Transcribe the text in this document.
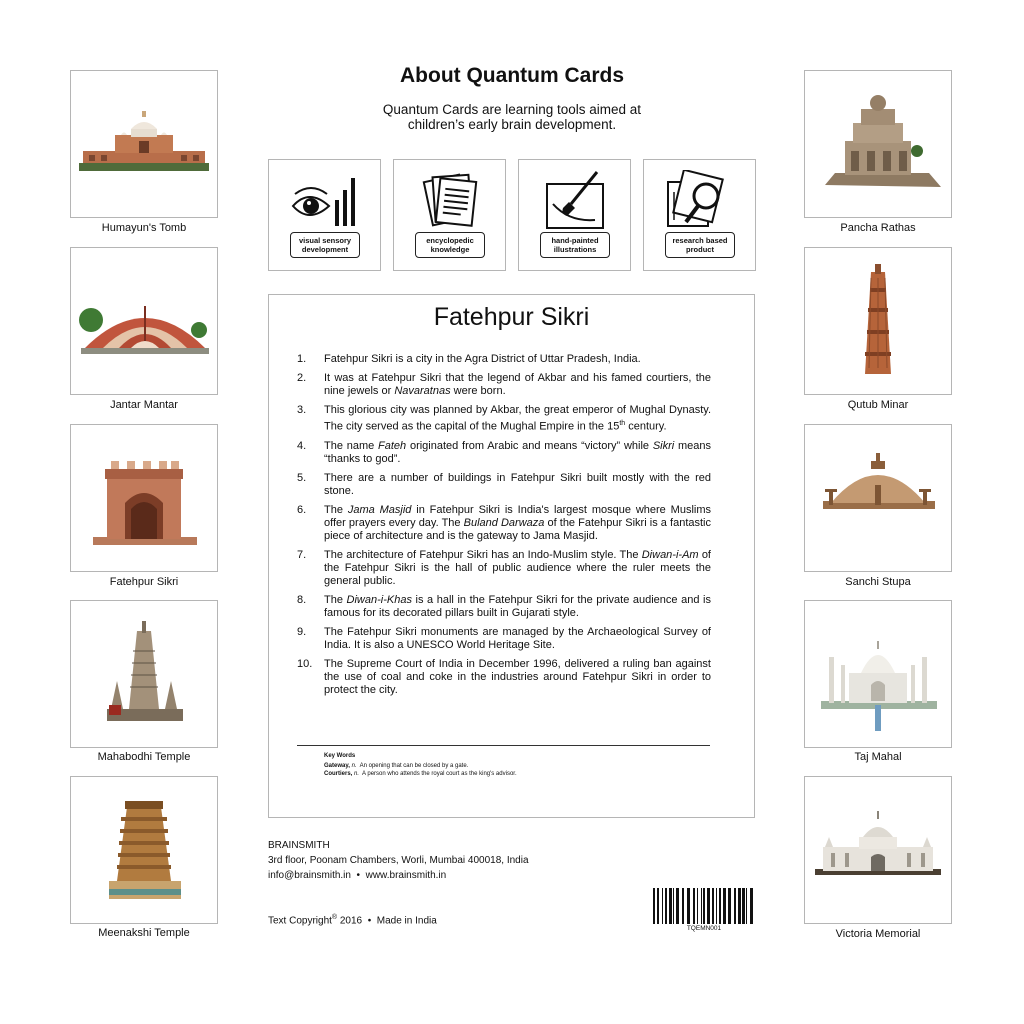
About Quantum Cards
Quantum Cards are learning tools aimed at
children’s early brain development.
Humayun's Tomb
Jantar Mantar
Fatehpur Sikri
Mahabodhi Temple
Meenakshi Temple
Pancha Rathas
Qutub Minar
Sanchi Stupa
Taj Mahal
Victoria Memorial
visual sensory
development
encyclopedic
knowledge
hand-painted
illustrations
research based
product
Fatehpur Sikri
1. Fatehpur Sikri is a city in the Agra District of Uttar Pradesh, India.
2. It was at Fatehpur Sikri that the legend of Akbar and his famed courtiers, the nine jewels or Navaratnas were born.
3. This glorious city was planned by Akbar, the great emperor of Mughal Dynasty. The city served as the capital of the Mughal Empire in the 15th century.
4. The name Fateh originated from Arabic and means “victory” while Sikri means “thanks to god”.
5. There are a number of buildings in Fatehpur Sikri built mostly with the red stone.
6. The Jama Masjid in Fatehpur Sikri is India's largest mosque where Muslims offer prayers every day. The Buland Darwaza of the Fatehpur Sikri is a fantastic piece of architecture and is the gateway to Jama Masjid.
7. The architecture of Fatehpur Sikri has an Indo-Muslim style. The Diwan-i-Am of the Fatehpur Sikri is the hall of public audience where the ruler meets the general public.
8. The Diwan-i-Khas is a hall in the Fatehpur Sikri for the private audience and is famous for its decorated pillars built in Gujarati style.
9. The Fatehpur Sikri monuments are managed by the Archaeological Survey of India. It is also a UNESCO World Heritage Site.
10. The Supreme Court of India in December 1996, delivered a ruling ban against the use of coal and coke in the industries around Fatehpur Sikri in order to protect the city.
Key Words
Gateway, n. An opening that can be closed by a gate.
Courtiers, n. A person who attends the royal court as the king's advisor.
BRAINSMITH
3rd floor, Poonam Chambers, Worli, Mumbai 400018, India
info@brainsmith.in • www.brainsmith.in
Text Copyright® 2016 • Made in India
TQEMN001
